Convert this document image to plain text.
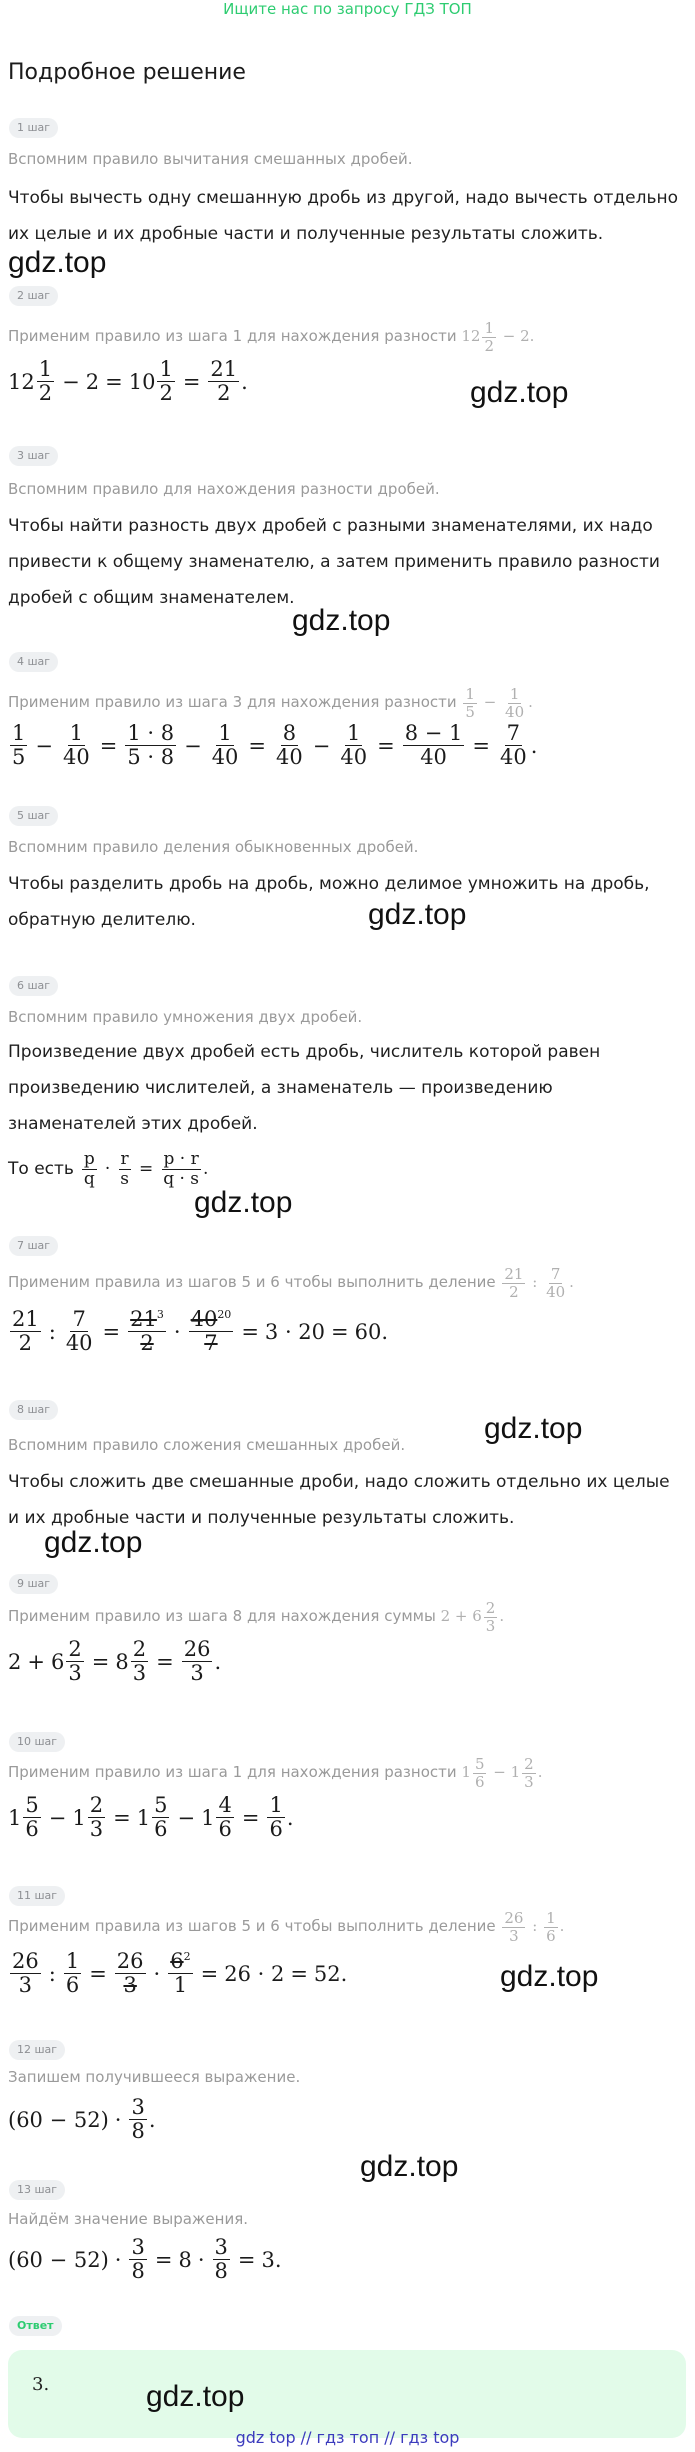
Ищите нас по запросу ГДЗ ТОП
Подробное решение
1 шаг
Вспомним правило вычитания смешанных дробей.
Чтобы вычесть одну смешанную дробь из другой, надо вычесть отдельно их целые и их дробные части и полученные результаты сложить.
gdz.top
2 шаг
Применим правило из шага 1 для нахождения разности $12 \frac{1}{2} - 2$.
$12 \frac{1}{2} - 2 = 10 \frac{1}{2} = \frac{21}{2}$ .	gdz.top
3 шаг
Вспомним правило для нахождения разности дробей.
Чтобы найти разность двух дробей с разными знаменателями, их надо привести к общему знаменателю, а затем применить правило разности дробей с общим знаменателем.
gdz.top
4 шаг
Применим правило из шага 3 для нахождения разности $\frac{1}{5} - \frac{1}{40}$ .
$\frac{1}{5} - \frac{1}{40} = \frac{1 \cdot 8}{5 \cdot 8} - \frac{1}{40} = \frac{8}{40} - \frac{1}{40} = \frac{8 - 1}{40} = \frac{7}{40}$ .
5 шаг
Вспомним правило деления обыкновенных дробей.
Чтобы разделить дробь на дробь, можно делимое умножить на дробь, обратную делителю.	gdz.top
6 шаг
Вспомним правило умножения двух дробей.
Произведение двух дробей есть дробь, числитель которой равен произведению числителей, а знаменатель — произведению знаменателей этих дробей.
То есть $\frac{p}{q} \cdot \frac{r}{s} = \frac{p \cdot r}{q \cdot s}$ .
gdz.top
7 шаг
Применим правила из шагов 5 и 6 чтобы выполнить деление $\frac{21}{2}$ : $\frac{7}{40}$ .
$\frac{21}{2}$ : $\frac{7}{40} = \frac{21^3}{2} \cdot \frac{40^{20}}{7} = 3 \cdot 20 = 60$.
gdz.top
8 шаг
Вспомним правило сложения смешанных дробей.
Чтобы сложить две смешанные дроби, надо сложить отдельно их целые и их дробные части и полученные результаты сложить.
gdz.top
9 шаг
Применим правило из шага 8 для нахождения суммы $2 + 6 \frac{2}{3}$ .
$2 + 6 \frac{2}{3} = 8 \frac{2}{3} = \frac{26}{3}$ .
10 шаг
Применим правило из шага 1 для нахождения разности $1 \frac{5}{6} - 1 \frac{2}{3}$ .
$1 \frac{5}{6} - 1 \frac{2}{3} = 1 \frac{5}{6} - 1 \frac{4}{6} = \frac{1}{6}$ .
11 шаг
Применим правила из шагов 5 и 6 чтобы выполнить деление $\frac{26}{3}$ : $\frac{1}{6}$ .
$\frac{26}{3}$ : $\frac{1}{6} = \frac{26}{3} \cdot \frac{6^2}{1} = 26 \cdot 2 = 52$.	gdz.top
12 шаг
Запишем получившееся выражение.
$(60 - 52) \cdot \frac{3}{8}$ .
gdz.top
13 шаг
Найдём значение выражения.
$(60 - 52) \cdot \frac{3}{8} = 8 \cdot \frac{3}{8} = 3$.
Ответ
3.	gdz.top
gdz top // гдз топ // гдз top
